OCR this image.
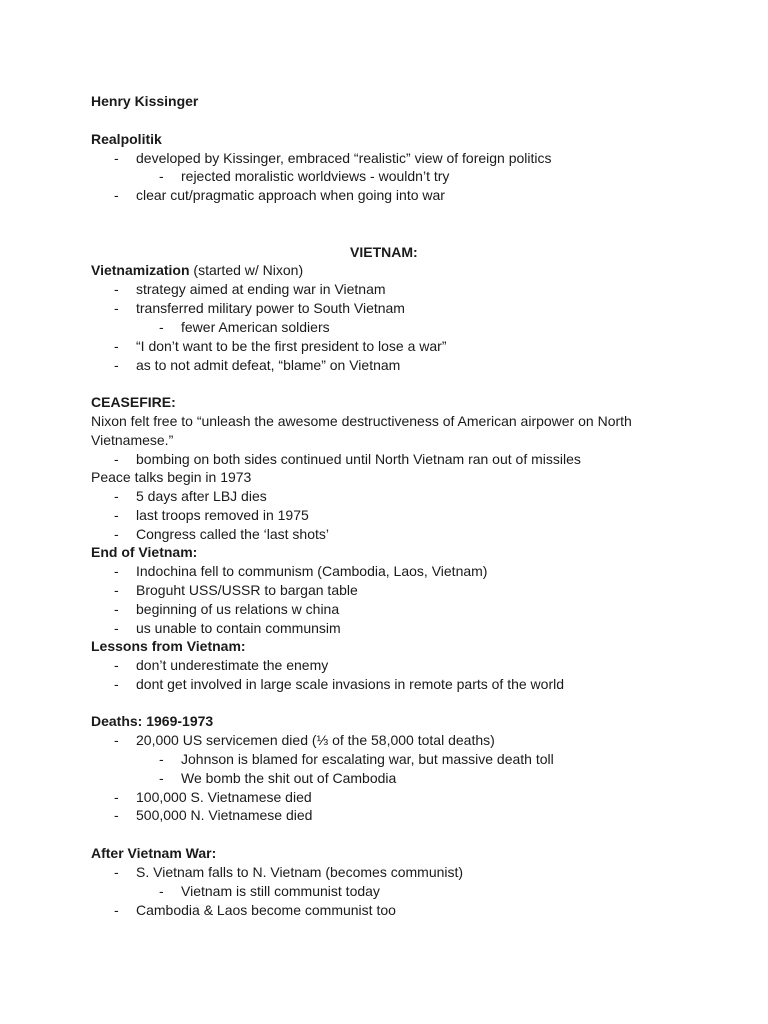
Henry Kissinger
Realpolitik
- developed by Kissinger, embraced “realistic” view of foreign politics
- rejected moralistic worldviews - wouldn’t try
- clear cut/pragmatic approach when going into war
VIETNAM:
Vietnamization (started w/ Nixon)
- strategy aimed at ending war in Vietnam
- transferred military power to South Vietnam
- fewer American soldiers
- “I don’t want to be the first president to lose a war”
- as to not admit defeat, “blame” on Vietnam
CEASEFIRE:
Nixon felt free to “unleash the awesome destructiveness of American airpower on North
Vietnamese.”
- bombing on both sides continued until North Vietnam ran out of missiles
Peace talks begin in 1973
- 5 days after LBJ dies
- last troops removed in 1975
- Congress called the ‘last shots’
End of Vietnam:
- Indochina fell to communism (Cambodia, Laos, Vietnam)
- Broguht USS/USSR to bargan table
- beginning of us relations w china
- us unable to contain communsim
Lessons from Vietnam:
- don’t underestimate the enemy
- dont get involved in large scale invasions in remote parts of the world
Deaths: 1969-1973
- 20,000 US servicemen died (⅓ of the 58,000 total deaths)
- Johnson is blamed for escalating war, but massive death toll
- We bomb the shit out of Cambodia
- 100,000 S. Vietnamese died
- 500,000 N. Vietnamese died
After Vietnam War:
- S. Vietnam falls to N. Vietnam (becomes communist)
- Vietnam is still communist today
- Cambodia & Laos become communist too
